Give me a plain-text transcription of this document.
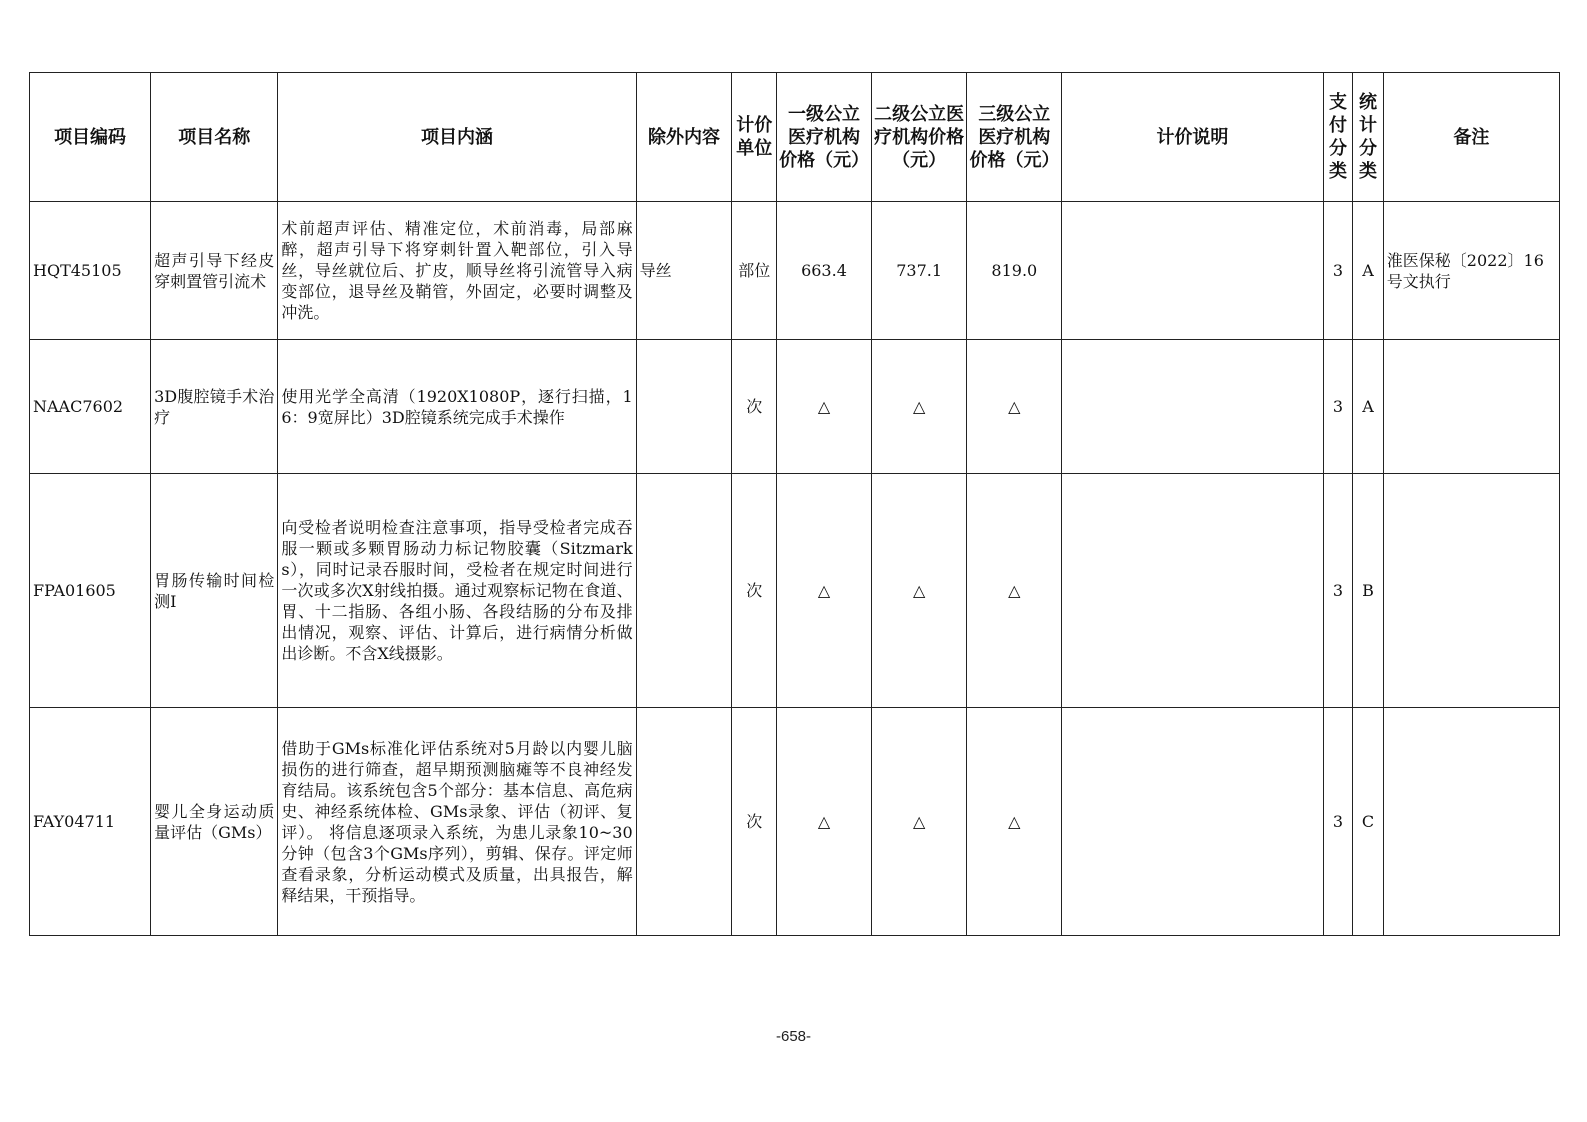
项目编码	项目名称	项目内涵	除外内容	计价单位	一级公立医疗机构价格（元）	二级公立医疗机构价格（元）	三级公立医疗机构价格（元）	计价说明	支付分类	统计分类	备注
HQT45105	超声引导下经皮穿刺置管引流术	术前超声评估、精准定位，术前消毒，局部麻醉，超声引导下将穿刺针置入靶部位，引入导丝，导丝就位后、扩皮，顺导丝将引流管导入病变部位，退导丝及鞘管，外固定，必要时调整及冲洗。	导丝	部位	663.4	737.1	819.0		3	A	淮医保秘〔2022〕16号文执行
NAAC7602	3D腹腔镜手术治疗	使用光学全高清（1920X1080P，逐行扫描，16：9宽屏比）3D腔镜系统完成手术操作		次	△	△	△		3	A	
FPA01605	胃肠传输时间检测Ⅰ	向受检者说明检查注意事项，指导受检者完成吞服一颗或多颗胃肠动力标记物胶囊（Sitzmarks），同时记录吞服时间，受检者在规定时间进行一次或多次X射线拍摄。通过观察标记物在食道、胃、十二指肠、各组小肠、各段结肠的分布及排出情况，观察、评估、计算后，进行病情分析做出诊断。不含X线摄影。		次	△	△	△		3	B	
FAY04711	婴儿全身运动质量评估（GMs）	借助于GMs标准化评估系统对5月龄以内婴儿脑损伤的进行筛查，超早期预测脑瘫等不良神经发育结局。该系统包含5个部分：基本信息、高危病史、神经系统体检、GMs录象、评估（初评、复评）。 将信息逐项录入系统，为患儿录象10~30分钟（包含3个GMs序列），剪辑、保存。评定师查看录象，分析运动模式及质量，出具报告，解释结果，干预指导。		次	△	△	△		3	C	
-658-
